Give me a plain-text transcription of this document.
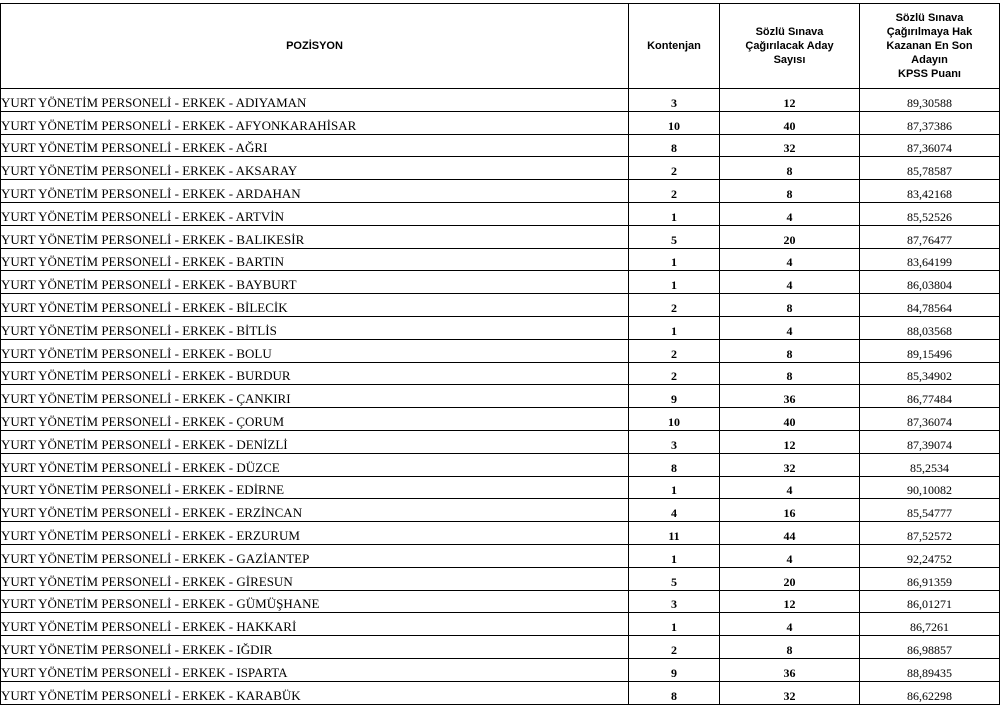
POZİSYON	Kontenjan	Sözlü Sınava
Çağırılacak Aday
Sayısı	Sözlü Sınava
Çağırılmaya Hak
Kazanan En Son
Adayın
KPSS Puanı

YURT YÖNETİM PERSONELİ - ERKEK - ADIYAMAN	3	12	89,30588
YURT YÖNETİM PERSONELİ - ERKEK - AFYONKARAHİSAR	10	40	87,37386
YURT YÖNETİM PERSONELİ - ERKEK - AĞRI	8	32	87,36074
YURT YÖNETİM PERSONELİ - ERKEK - AKSARAY	2	8	85,78587
YURT YÖNETİM PERSONELİ - ERKEK - ARDAHAN	2	8	83,42168
YURT YÖNETİM PERSONELİ - ERKEK - ARTVİN	1	4	85,52526
YURT YÖNETİM PERSONELİ - ERKEK - BALIKESİR	5	20	87,76477
YURT YÖNETİM PERSONELİ - ERKEK - BARTIN	1	4	83,64199
YURT YÖNETİM PERSONELİ - ERKEK - BAYBURT	1	4	86,03804
YURT YÖNETİM PERSONELİ - ERKEK - BİLECİK	2	8	84,78564
YURT YÖNETİM PERSONELİ - ERKEK - BİTLİS	1	4	88,03568
YURT YÖNETİM PERSONELİ - ERKEK - BOLU	2	8	89,15496
YURT YÖNETİM PERSONELİ - ERKEK - BURDUR	2	8	85,34902
YURT YÖNETİM PERSONELİ - ERKEK - ÇANKIRI	9	36	86,77484
YURT YÖNETİM PERSONELİ - ERKEK - ÇORUM	10	40	87,36074
YURT YÖNETİM PERSONELİ - ERKEK - DENİZLİ	3	12	87,39074
YURT YÖNETİM PERSONELİ - ERKEK - DÜZCE	8	32	85,2534
YURT YÖNETİM PERSONELİ - ERKEK - EDİRNE	1	4	90,10082
YURT YÖNETİM PERSONELİ - ERKEK - ERZİNCAN	4	16	85,54777
YURT YÖNETİM PERSONELİ - ERKEK - ERZURUM	11	44	87,52572
YURT YÖNETİM PERSONELİ - ERKEK - GAZİANTEP	1	4	92,24752
YURT YÖNETİM PERSONELİ - ERKEK - GİRESUN	5	20	86,91359
YURT YÖNETİM PERSONELİ - ERKEK - GÜMÜŞHANE	3	12	86,01271
YURT YÖNETİM PERSONELİ - ERKEK - HAKKARİ	1	4	86,7261
YURT YÖNETİM PERSONELİ - ERKEK - IĞDIR	2	8	86,98857
YURT YÖNETİM PERSONELİ - ERKEK - ISPARTA	9	36	88,89435
YURT YÖNETİM PERSONELİ - ERKEK - KARABÜK	8	32	86,62298
